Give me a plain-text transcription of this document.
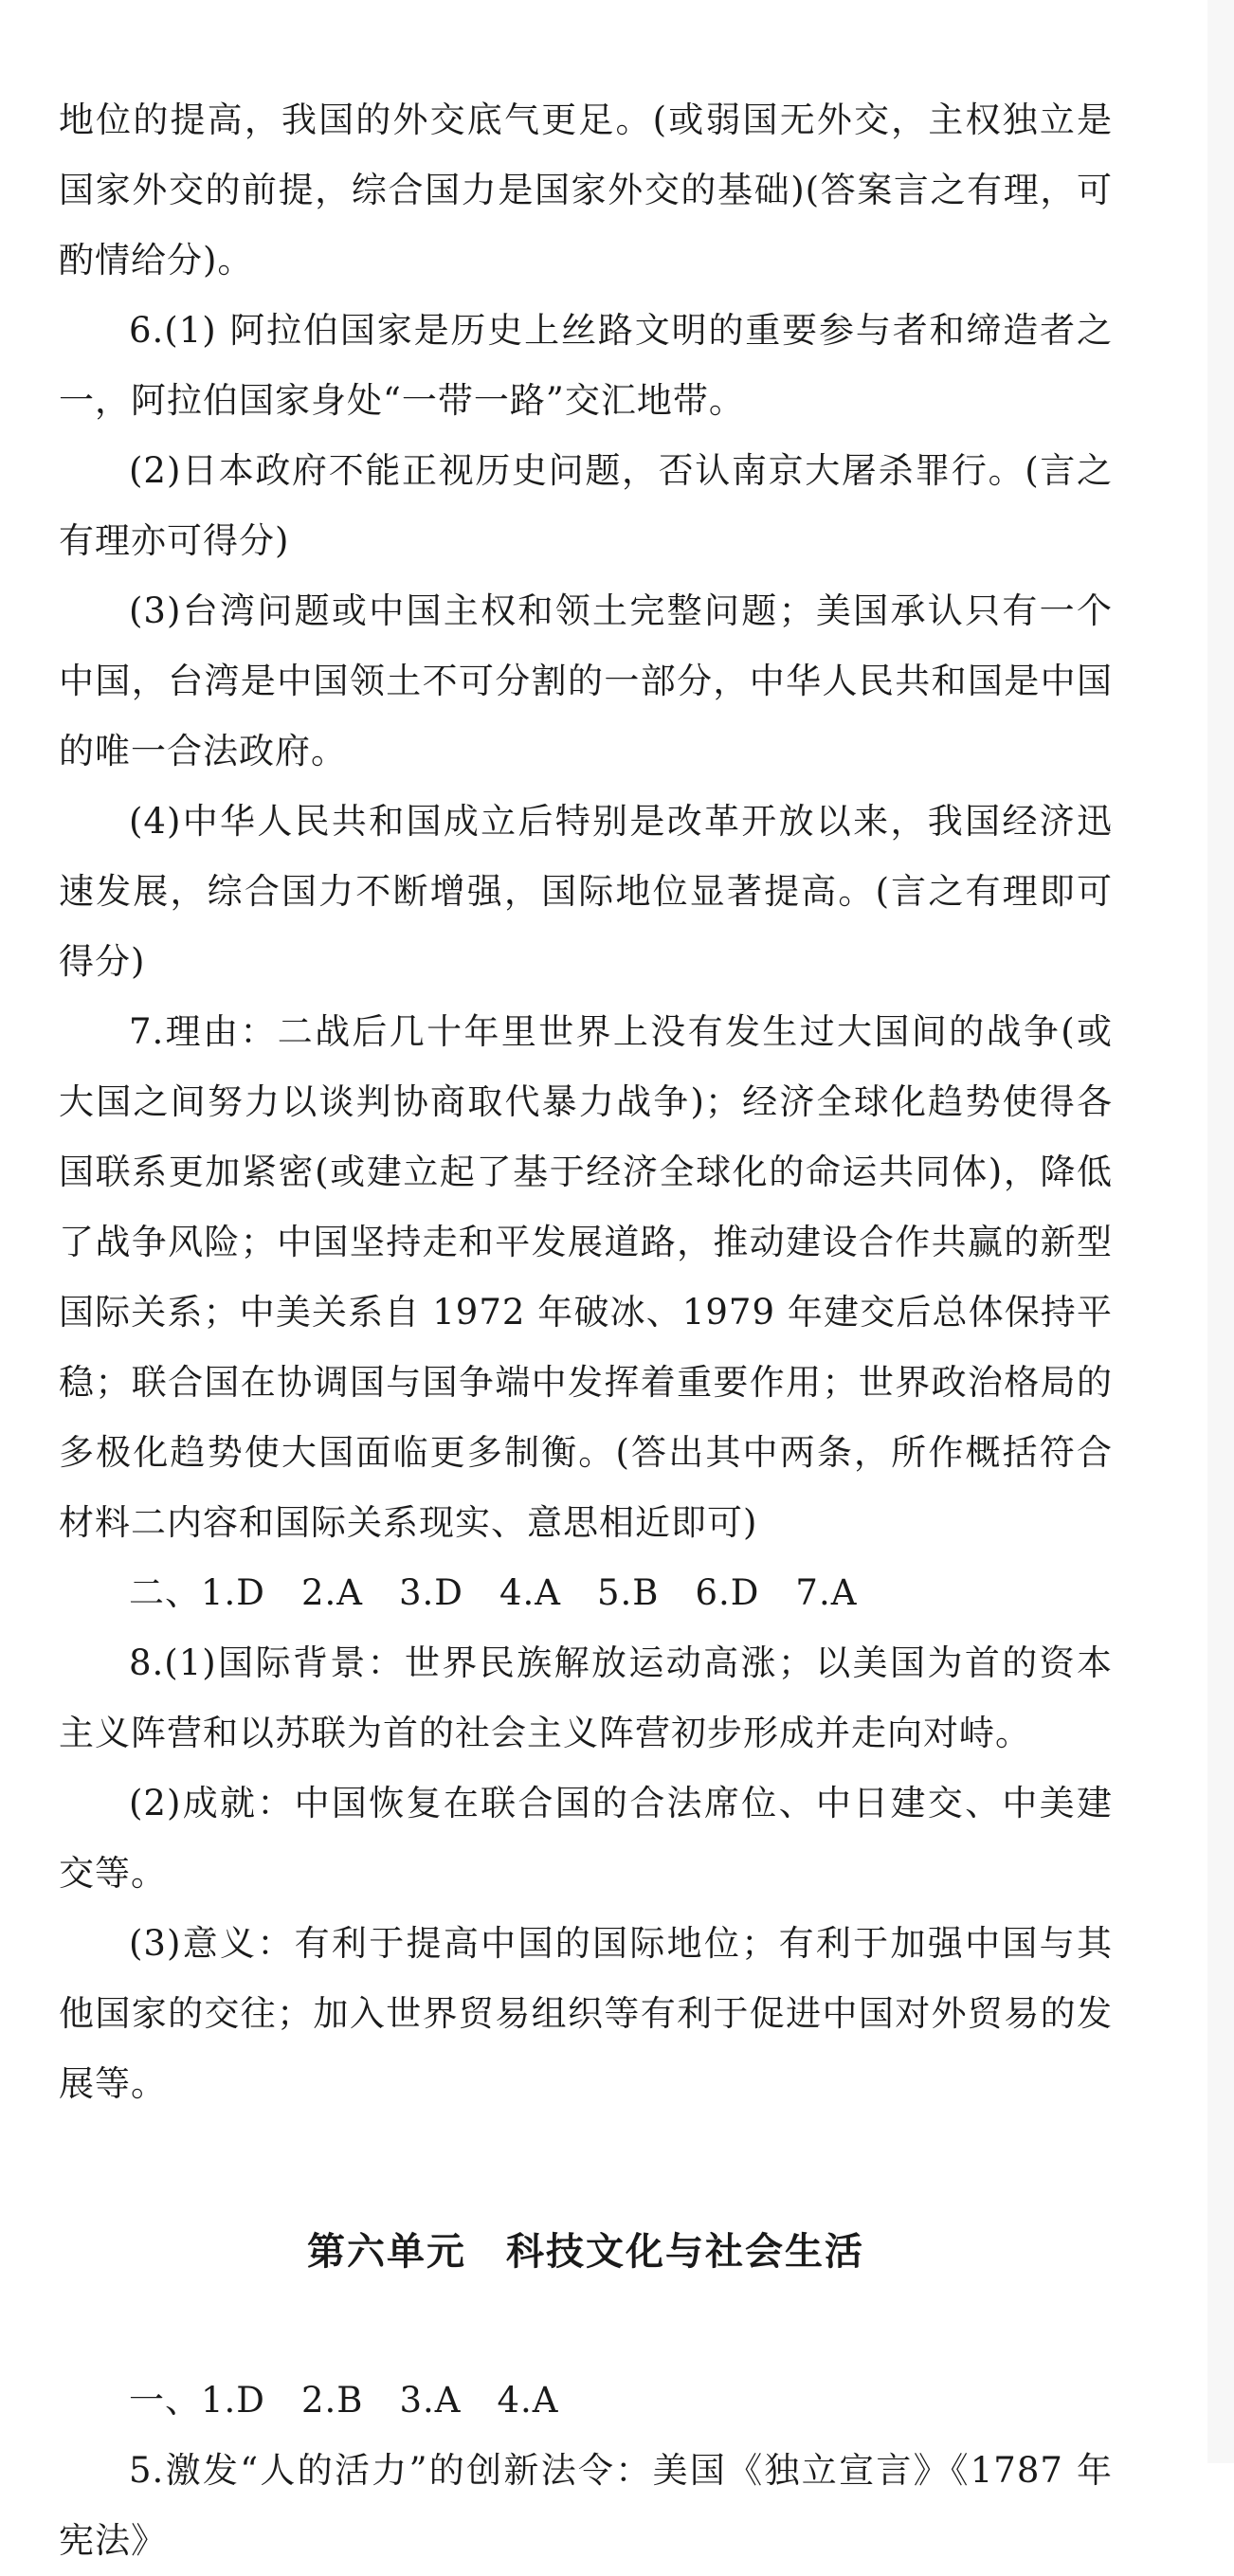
地位的提高，我国的外交底气更足。(或弱国无外交，主权独立是国家外交的前提，综合国力是国家外交的基础)(答案言之有理，可酌情给分)。

6.(1) 阿拉伯国家是历史上丝路文明的重要参与者和缔造者之一，阿拉伯国家身处“一带一路”交汇地带。

(2)日本政府不能正视历史问题，否认南京大屠杀罪行。(言之有理亦可得分)

(3)台湾问题或中国主权和领土完整问题；美国承认只有一个中国，台湾是中国领土不可分割的一部分，中华人民共和国是中国的唯一合法政府。

(4)中华人民共和国成立后特别是改革开放以来，我国经济迅速发展，综合国力不断增强，国际地位显著提高。(言之有理即可得分)

7.理由：二战后几十年里世界上没有发生过大国间的战争(或大国之间努力以谈判协商取代暴力战争)；经济全球化趋势使得各国联系更加紧密(或建立起了基于经济全球化的命运共同体)，降低了战争风险；中国坚持走和平发展道路，推动建设合作共赢的新型国际关系；中美关系自 1972 年破冰、1979 年建交后总体保持平稳；联合国在协调国与国争端中发挥着重要作用；世界政治格局的多极化趋势使大国面临更多制衡。(答出其中两条，所作概括符合材料二内容和国际关系现实、意思相近即可)

二、1.D　2.A　3.D　4.A　5.B　6.D　7.A

8.(1)国际背景：世界民族解放运动高涨；以美国为首的资本主义阵营和以苏联为首的社会主义阵营初步形成并走向对峙。

(2)成就：中国恢复在联合国的合法席位、中日建交、中美建交等。

(3)意义：有利于提高中国的国际地位；有利于加强中国与其他国家的交往；加入世界贸易组织等有利于促进中国对外贸易的发展等。

第六单元　科技文化与社会生活

一、1.D　2.B　3.A　4.A

5.激发“人的活力”的创新法令：美国《独立宣言》《1787 年宪法》
